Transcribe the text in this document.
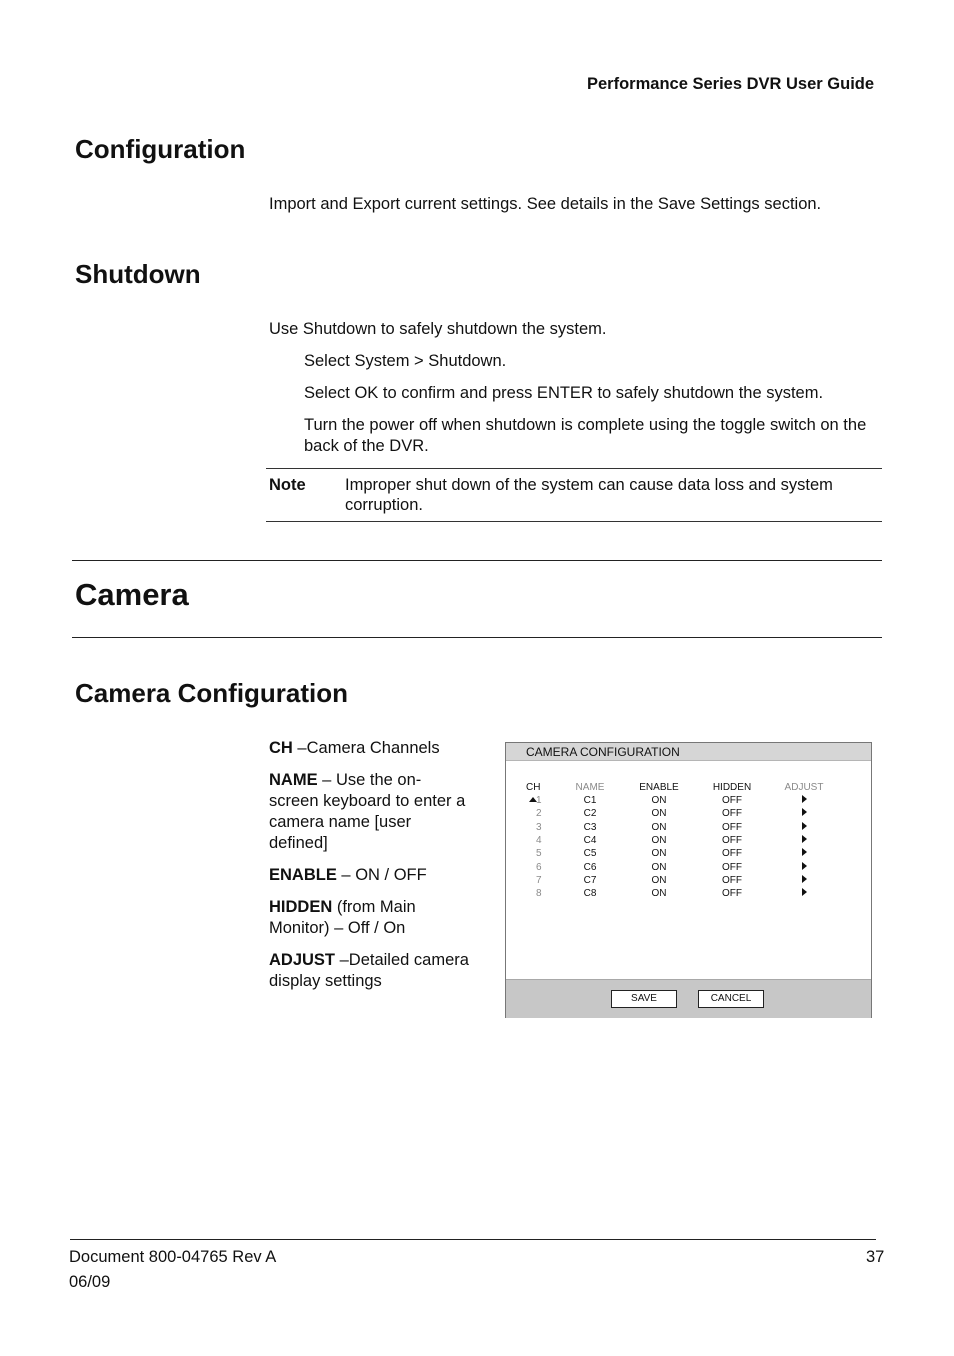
Performance Series DVR User Guide
Configuration
Import and Export current settings. See details in the Save Settings section.
Shutdown
Use Shutdown to safely shutdown the system.
Select System > Shutdown.
Select OK to confirm and press ENTER to safely shutdown the system.
Turn the power off when shutdown is complete using the toggle switch on the back of the DVR.
Note Improper shut down of the system can cause data loss and system corruption.
Camera
Camera Configuration

CH –Camera Channels

NAME – Use the on-screen keyboard to enter a camera name [user defined]

ENABLE – ON / OFF

HIDDEN (from Main Monitor) – Off / On

ADJUST –Detailed camera display settings

CAMERA CONFIGURATION
CH	NAME	ENABLE	HIDDEN	ADJUST
1	C1	ON	OFF
2	C2	ON	OFF
3	C3	ON	OFF
4	C4	ON	OFF
5	C5	ON	OFF
6	C6	ON	OFF
7	C7	ON	OFF
8	C8	ON	OFF
SAVE	CANCEL
Document 800-04765 Rev A
06/09
37
